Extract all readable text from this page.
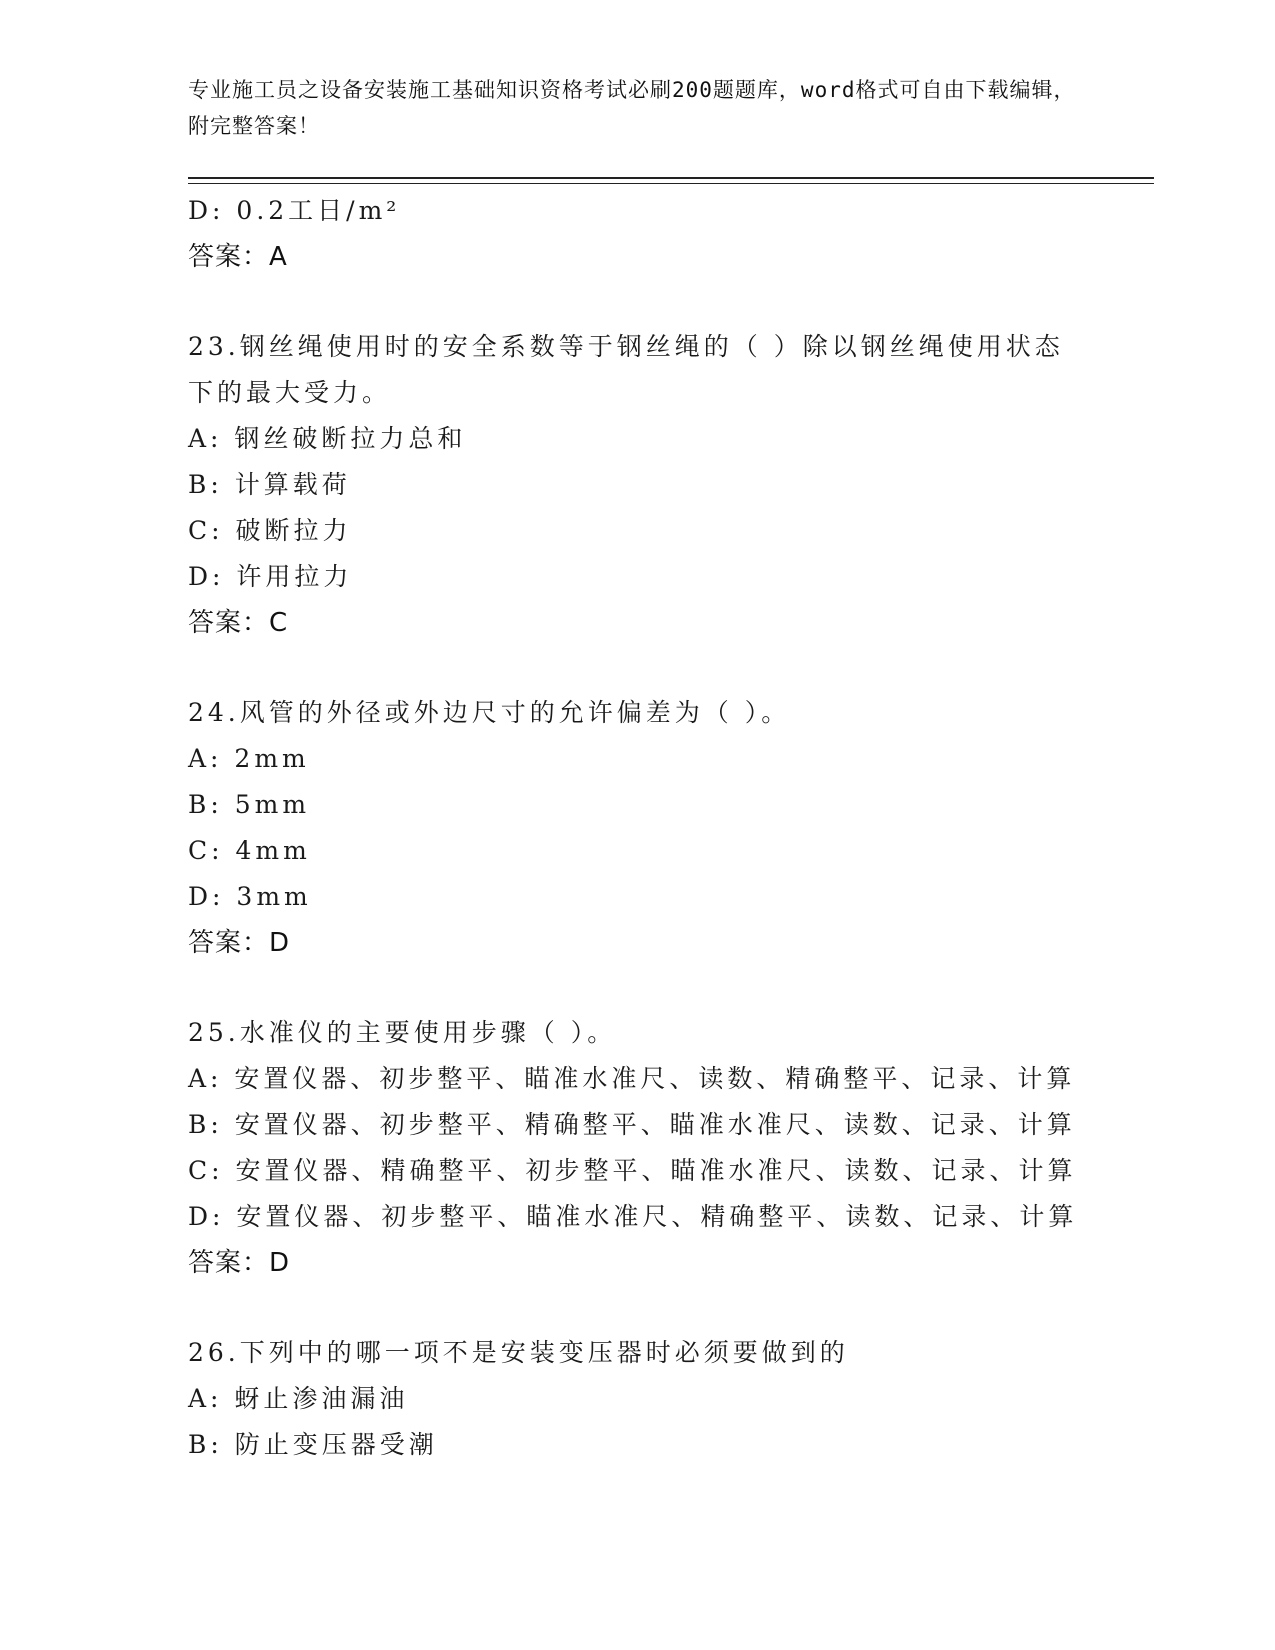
专业施工员之设备安装施工基础知识资格考试必刷200题题库，word格式可自由下载编辑，附完整答案！
D: 0.2工日/m²
答案：A
23.钢丝绳使用时的安全系数等于钢丝绳的（ ）除以钢丝绳使用状态下的最大受力。
A: 钢丝破断拉力总和
B: 计算载荷
C: 破断拉力
D: 许用拉力
答案：C
24.风管的外径或外边尺寸的允许偏差为（ ）。
A: 2mm
B: 5mm
C: 4mm
D: 3mm
答案：D
25.水准仪的主要使用步骤（ ）。
A: 安置仪器、初步整平、瞄准水准尺、读数、精确整平、记录、计算
B: 安置仪器、初步整平、精确整平、瞄准水准尺、读数、记录、计算
C: 安置仪器、精确整平、初步整平、瞄准水准尺、读数、记录、计算
D: 安置仪器、初步整平、瞄准水准尺、精确整平、读数、记录、计算
答案：D
26.下列中的哪一项不是安装变压器时必须要做到的
A: 蚜止渗油漏油
B: 防止变压器受潮
